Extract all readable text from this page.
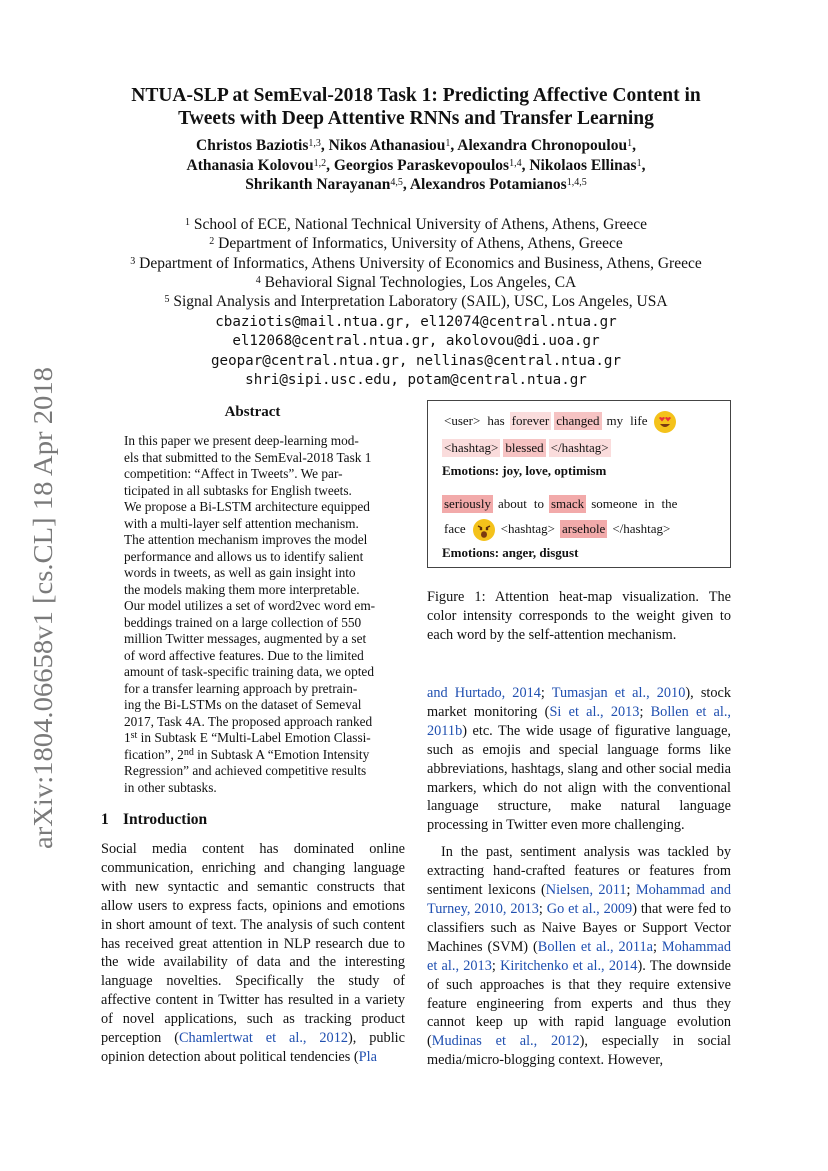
arXiv:1804.06658v1 [cs.CL] 18 Apr 2018
NTUA-SLP at SemEval-2018 Task 1: Predicting Affective Content in
Tweets with Deep Attentive RNNs and Transfer Learning
Christos Baziotis$^{1,3}$, Nikos Athanasiou$^1$, Alexandra Chronopoulou$^1$,
Athanasia Kolovou$^{1,2}$, Georgios Paraskevopoulos$^{1,4}$, Nikolaos Ellinas$^1$,
Shrikanth Narayanan$^{4,5}$, Alexandros Potamianos$^{1,4,5}$
$^1$ School of ECE, National Technical University of Athens, Athens, Greece
$^2$ Department of Informatics, University of Athens, Athens, Greece
$^3$ Department of Informatics, Athens University of Economics and Business, Athens, Greece
$^4$ Behavioral Signal Technologies, Los Angeles, CA
$^5$ Signal Analysis and Interpretation Laboratory (SAIL), USC, Los Angeles, USA
cbaziotis@mail.ntua.gr, el12074@central.ntua.gr
el12068@central.ntua.gr, akolovou@di.uoa.gr
geopar@central.ntua.gr, nellinas@central.ntua.gr
shri@sipi.usc.edu, potam@central.ntua.gr
Abstract
In this paper we present deep-learning mod-
els that submitted to the SemEval-2018 Task 1
competition: “Affect in Tweets”. We par-
ticipated in all subtasks for English tweets.
We propose a Bi-LSTM architecture equipped
with a multi-layer self attention mechanism.
The attention mechanism improves the model
performance and allows us to identify salient
words in tweets, as well as gain insight into
the models making them more interpretable.
Our model utilizes a set of word2vec word em-
beddings trained on a large collection of 550
million Twitter messages, augmented by a set
of word affective features. Due to the limited
amount of task-specific training data, we opted
for a transfer learning approach by pretrain-
ing the Bi-LSTMs on the dataset of Semeval
2017, Task 4A. The proposed approach ranked
1st in Subtask E “Multi-Label Emotion Classi-
fication”, 2nd in Subtask A “Emotion Intensity
Regression” and achieved competitive results
in other subtasks.

<user> has forever changed my life
<hashtag> blessed </hashtag>
Emotions: joy, love, optimism
seriously about to smack someone in the
face	<hashtag> arsehole </hashtag>
Emotions: anger, disgust
Figure 1: Attention heat-map visualization. The color intensity corresponds to the weight given to each word by the self-attention mechanism.
1 Introduction
Social media content has dominated online communication, enriching and changing language with new syntactic and semantic constructs that allow users to express facts, opinions and emotions in short amount of text. The analysis of such content has received great attention in NLP research due to the wide availability of data and the interesting language novelties. Specifically the study of affective content in Twitter has resulted in a variety of novel applications, such as tracking product perception (Chamlertwat et al., 2012), public opinion detection about political tendencies (Pla

and Hurtado, 2014; Tumasjan et al., 2010), stock market monitoring (Si et al., 2013; Bollen et al., 2011b) etc. The wide usage of figurative language, such as emojis and special language forms like abbreviations, hashtags, slang and other social media markers, which do not align with the conventional language structure, make natural language processing in Twitter even more challenging.

In the past, sentiment analysis was tackled by extracting hand-crafted features or features from sentiment lexicons (Nielsen, 2011; Mohammad and Turney, 2010, 2013; Go et al., 2009) that were fed to classifiers such as Naive Bayes or Support Vector Machines (SVM) (Bollen et al., 2011a; Mohammad et al., 2013; Kiritchenko et al., 2014). The downside of such approaches is that they require extensive feature engineering from experts and thus they cannot keep up with rapid language evolution (Mudinas et al., 2012), especially in social media/micro-blogging context. However,
